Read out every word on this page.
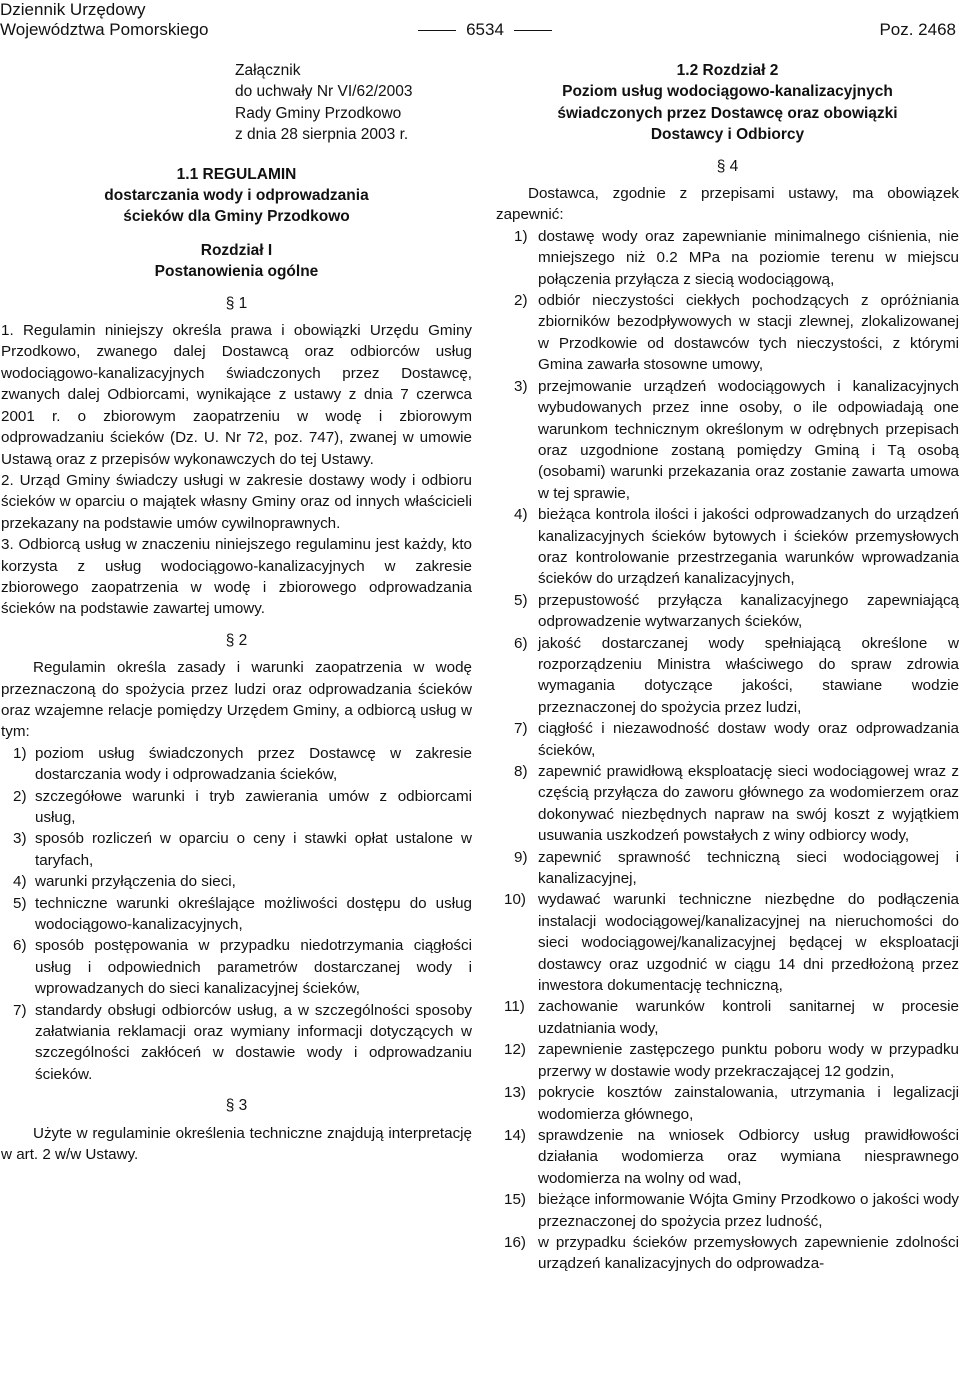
Dziennik Urzędowy
Województwa Pomorskiego	6534	Poz. 2468
Załącznik
do uchwały Nr VI/62/2003
Rady Gminy Przodkowo
z dnia 28 sierpnia 2003 r.
1.1 REGULAMIN
dostarczania wody i odprowadzania
ścieków dla Gminy Przodkowo
Rozdział I
Postanowienia ogólne
§ 1

1. Regulamin niniejszy określa prawa i obowiązki Urzędu Gminy Przodkowo, zwanego dalej Dostawcą oraz odbiorców usług wodociągowo-kanalizacyjnych świadczonych przez Dostawcę, zwanych dalej Odbiorcami, wynikające z ustawy z dnia 7 czerwca 2001 r. o zbiorowym zaopatrzeniu w wodę i zbiorowym odprowadzaniu ścieków (Dz. U. Nr 72, poz. 747), zwanej w umowie Ustawą oraz z przepisów wykonawczych do tej Ustawy.

2. Urząd Gminy świadczy usługi w zakresie dostawy wody i odbioru ścieków w oparciu o majątek własny Gminy oraz od innych właścicieli przekazany na podstawie umów cywilnoprawnych.

3. Odbiorcą usług w znaczeniu niniejszego regulaminu jest każdy, kto korzysta z usług wodociągowo-kanalizacyjnych w zakresie zbiorowego zaopatrzenia w wodę i zbiorowego odprowadzania ścieków na podstawie zawartej umowy.

§ 2

Regulamin określa zasady i warunki zaopatrzenia w wodę przeznaczoną do spożycia przez ludzi oraz odprowadzania ścieków oraz wzajemne relacje pomiędzy Urzędem Gminy, a odbiorcą usług w tym:

1) poziom usług świadczonych przez Dostawcę w zakresie dostarczania wody i odprowadzania ścieków,
2) szczegółowe warunki i tryb zawierania umów z odbiorcami usług,
3) sposób rozliczeń w oparciu o ceny i stawki opłat ustalone w taryfach,
4) warunki przyłączenia do sieci,
5) techniczne warunki określające możliwości dostępu do usług wodociągowo-kanalizacyjnych,
6) sposób postępowania w przypadku niedotrzymania ciągłości usług i odpowiednich parametrów dostarczanej wody i wprowadzanych do sieci kanalizacyjnej ścieków,
7) standardy obsługi odbiorców usług, a w szczególności sposoby załatwiania reklamacji oraz wymiany informacji dotyczących w szczególności zakłóceń w dostawie wody i odprowadzaniu ścieków.
§ 3

Użyte w regulaminie określenia techniczne znajdują interpretację w art. 2 w/w Ustawy.

1.2 Rozdział 2
Poziom usług wodociągowo-kanalizacyjnych
świadczonych przez Dostawcę oraz obowiązki
Dostawcy i Odbiorcy
§ 4

Dostawca, zgodnie z przepisami ustawy, ma obowiązek zapewnić:

1) dostawę wody oraz zapewnianie minimalnego ciśnienia, nie mniejszego niż 0.2 MPa na poziomie terenu w miejscu połączenia przyłącza z siecią wodociągową,
2) odbiór nieczystości ciekłych pochodzących z opróżniania zbiorników bezodpływowych w stacji zlewnej, zlokalizowanej w Przodkowie od dostawców tych nieczystości, z którymi Gmina zawarła stosowne umowy,
3) przejmowanie urządzeń wodociągowych i kanalizacyjnych wybudowanych przez inne osoby, o ile odpowiadają one warunkom technicznym określonym w odrębnych przepisach oraz uzgodnione zostaną pomiędzy Gminą i Tą osobą (osobami) warunki przekazania oraz zostanie zawarta umowa w tej sprawie,
4) bieżąca kontrola ilości i jakości odprowadzanych do urządzeń kanalizacyjnych ścieków bytowych i ścieków przemysłowych oraz kontrolowanie przestrzegania warunków wprowadzania ścieków do urządzeń kanalizacyjnych,
5) przepustowość przyłącza kanalizacyjnego zapewniającą odprowadzenie wytwarzanych ścieków,
6) jakość dostarczanej wody spełniającą określone w rozporządzeniu Ministra właściwego do spraw zdrowia wymagania dotyczące jakości, stawiane wodzie przeznaczonej do spożycia przez ludzi,
7) ciągłość i niezawodność dostaw wody oraz odprowadzania ścieków,
8) zapewnić prawidłową eksploatację sieci wodociągowej wraz z częścią przyłącza do zaworu głównego za wodomierzem oraz dokonywać niezbędnych napraw na swój koszt z wyjątkiem usuwania uszkodzeń powstałych z winy odbiorcy wody,
9) zapewnić sprawność techniczną sieci wodociągowej i kanalizacyjnej,
10) wydawać warunki techniczne niezbędne do podłączenia instalacji wodociągowej/kanalizacyjnej na nieruchomości do sieci wodociągowej/kanalizacyjnej będącej w eksploatacji dostawcy oraz uzgodnić w ciągu 14 dni przedłożoną przez inwestora dokumentację techniczną,
11) zachowanie warunków kontroli sanitarnej w procesie uzdatniania wody,
12) zapewnienie zastępczego punktu poboru wody w przypadku przerwy w dostawie wody przekraczającej 12 godzin,
13) pokrycie kosztów zainstalowania, utrzymania i legalizacji wodomierza głównego,
14) sprawdzenie na wniosek Odbiorcy usług prawidłowości działania wodomierza oraz wymiana niesprawnego wodomierza na wolny od wad,
15) bieżące informowanie Wójta Gminy Przodkowo o jakości wody przeznaczonej do spożycia przez ludność,
16) w przypadku ścieków przemysłowych zapewnienie zdolności urządzeń kanalizacyjnych do odprowadza-
